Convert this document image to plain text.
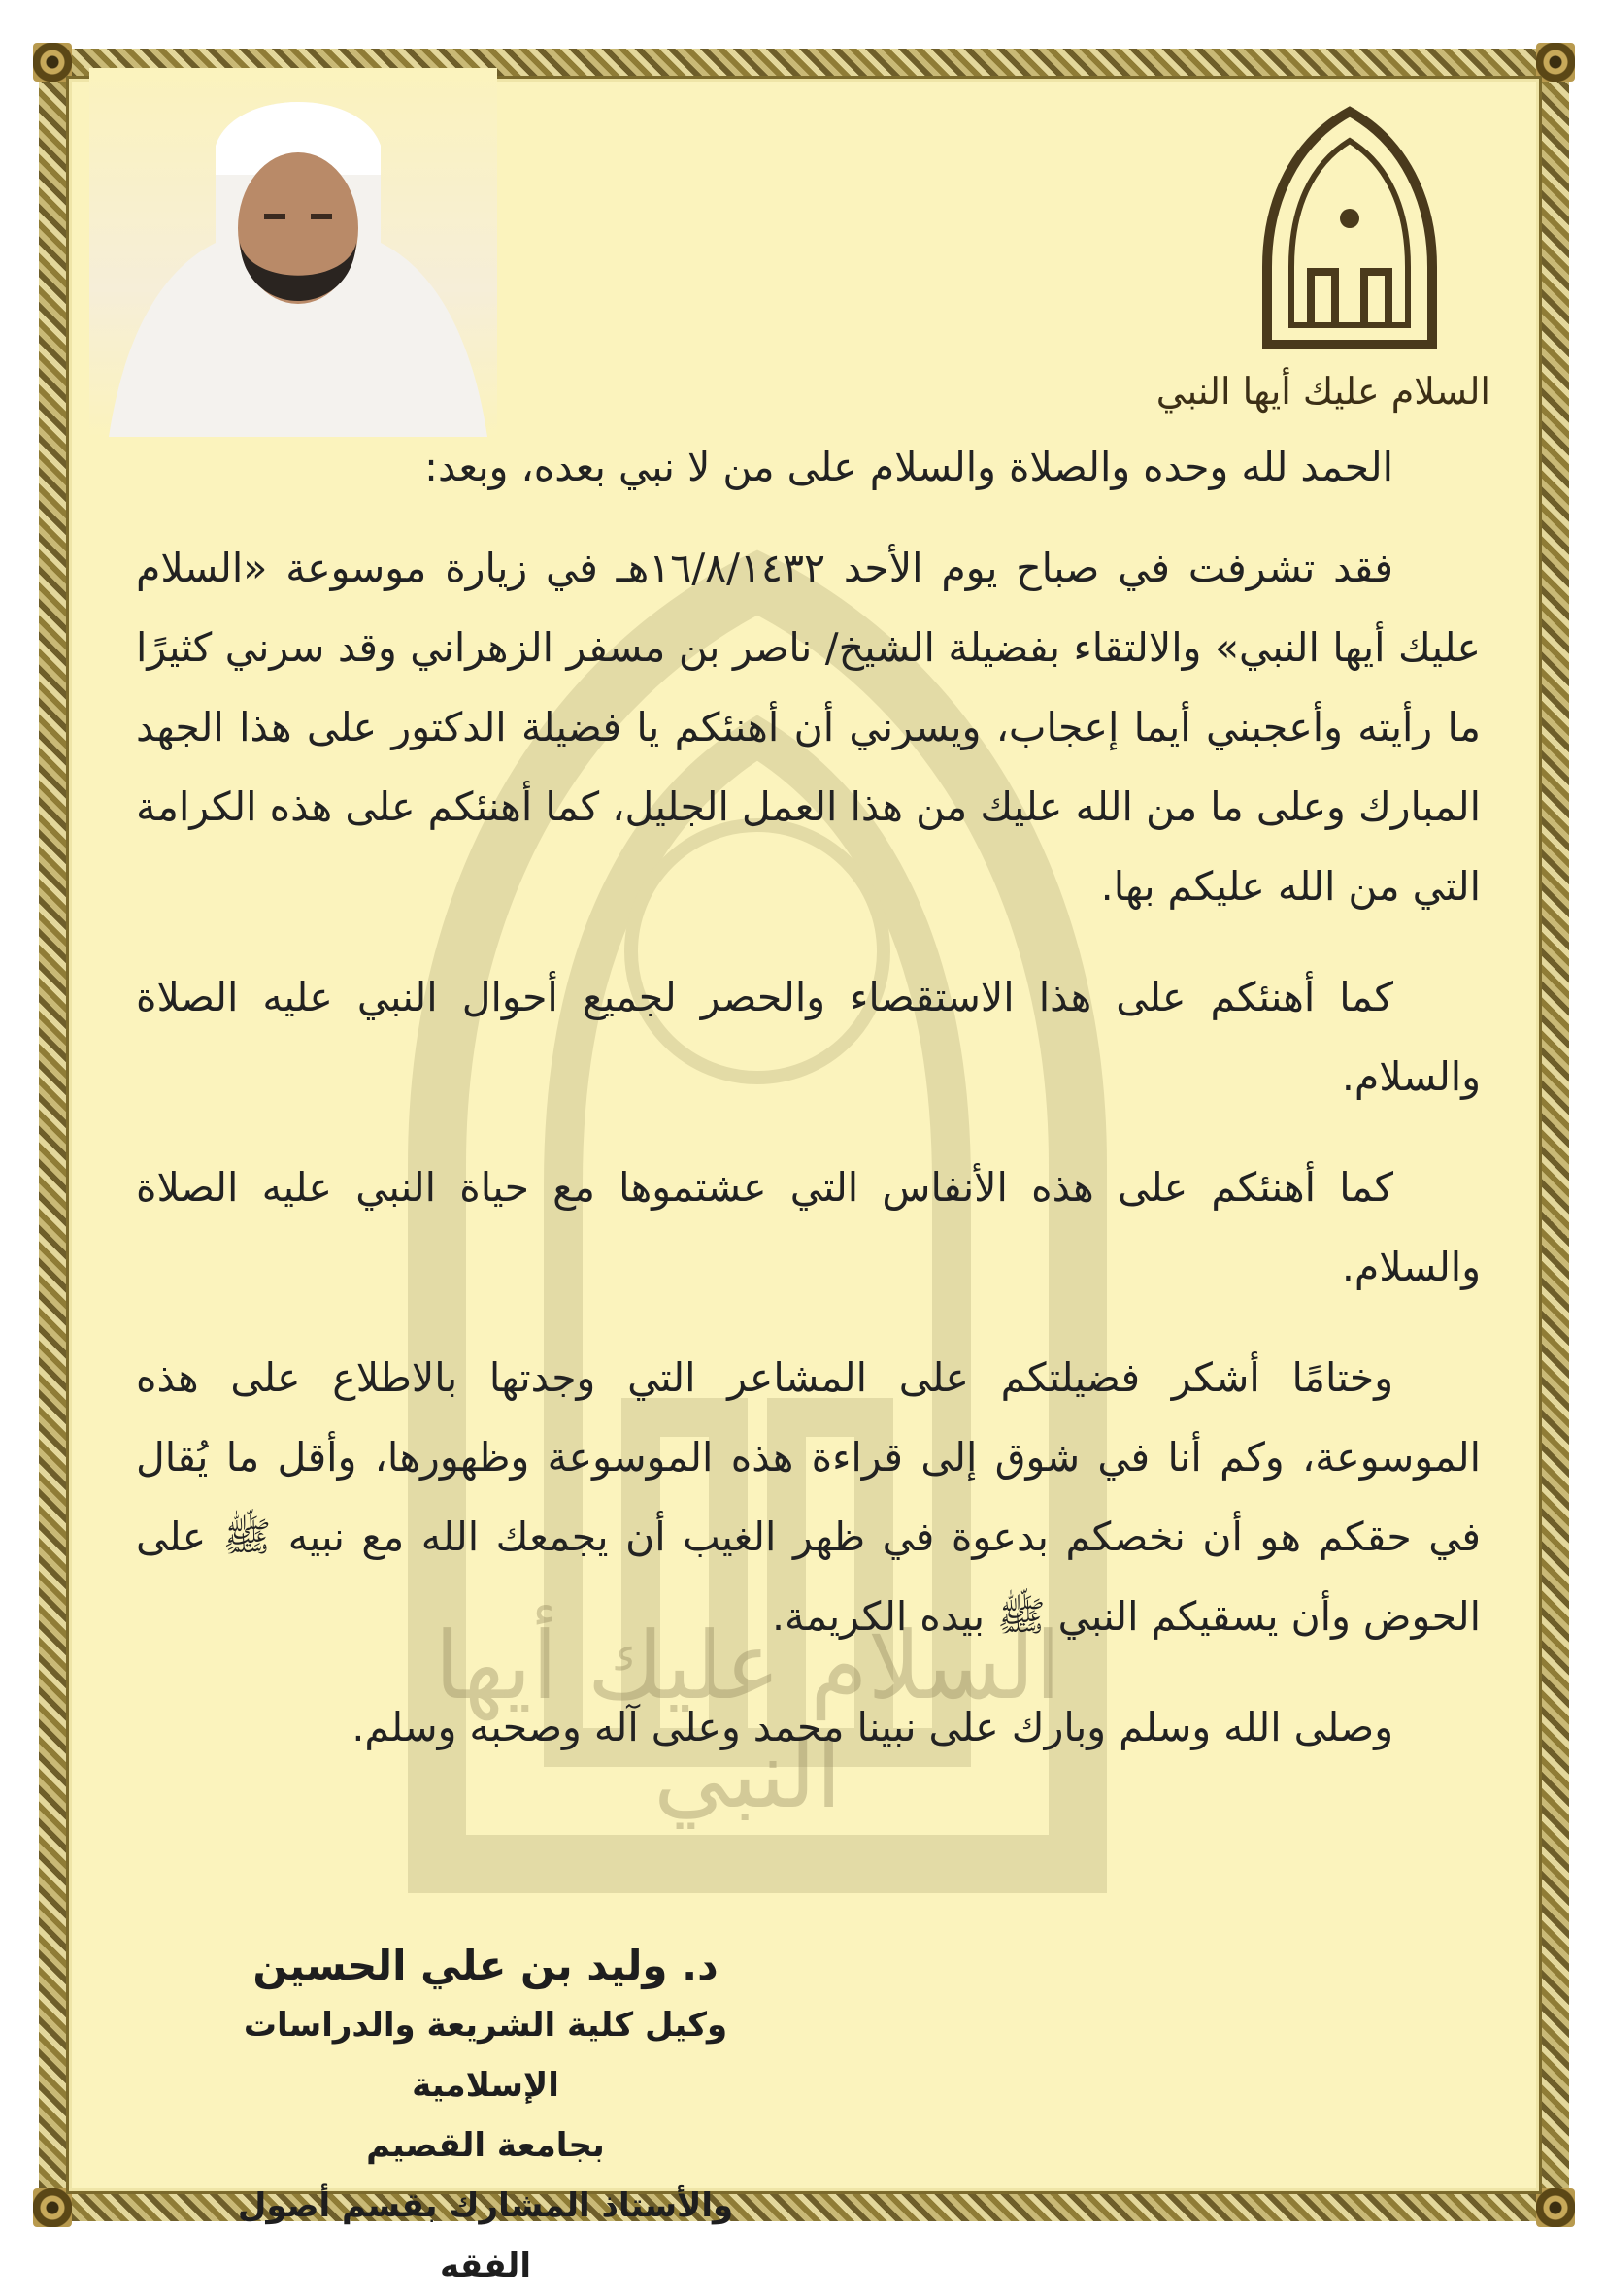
السلام عليك أيها النبي
السلام عليك أيها النبي

الحمد لله وحده والصلاة والسلام على من لا نبي بعده، وبعد:

فقد تشرفت في صباح يوم الأحد ١٦/٨/١٤٣٢هـ في زيارة موسوعة «السلام عليك أيها النبي» والالتقاء بفضيلة الشيخ/ ناصر بن مسفر الزهراني وقد سرني كثيرًا ما رأيته وأعجبني أيما إعجاب، ويسرني أن أهنئكم يا فضيلة الدكتور على هذا الجهد المبارك وعلى ما من الله عليك من هذا العمل الجليل، كما أهنئكم على هذه الكرامة التي من الله عليكم بها.

كما أهنئكم على هذا الاستقصاء والحصر لجميع أحوال النبي عليه الصلاة والسلام.

كما أهنئكم على هذه الأنفاس التي عشتموها مع حياة النبي عليه الصلاة والسلام.

وختامًا أشكر فضيلتكم على المشاعر التي وجدتها بالاطلاع على هذه الموسوعة، وكم أنا في شوق إلى قراءة هذه الموسوعة وظهورها، وأقل ما يُقال في حقكم هو أن نخصكم بدعوة في ظهر الغيب أن يجمعك الله مع نبيه ﷺ على الحوض وأن يسقيكم النبي ﷺ بيده الكريمة.

وصلى الله وسلم وبارك على نبينا محمد وعلى آله وصحبه وسلم.

د. وليد بن علي الحسين
وكيل كلية الشريعة والدراسات الإسلامية
بجامعة القصيم
والأستاذ المشارك بقسم أصول الفقه
